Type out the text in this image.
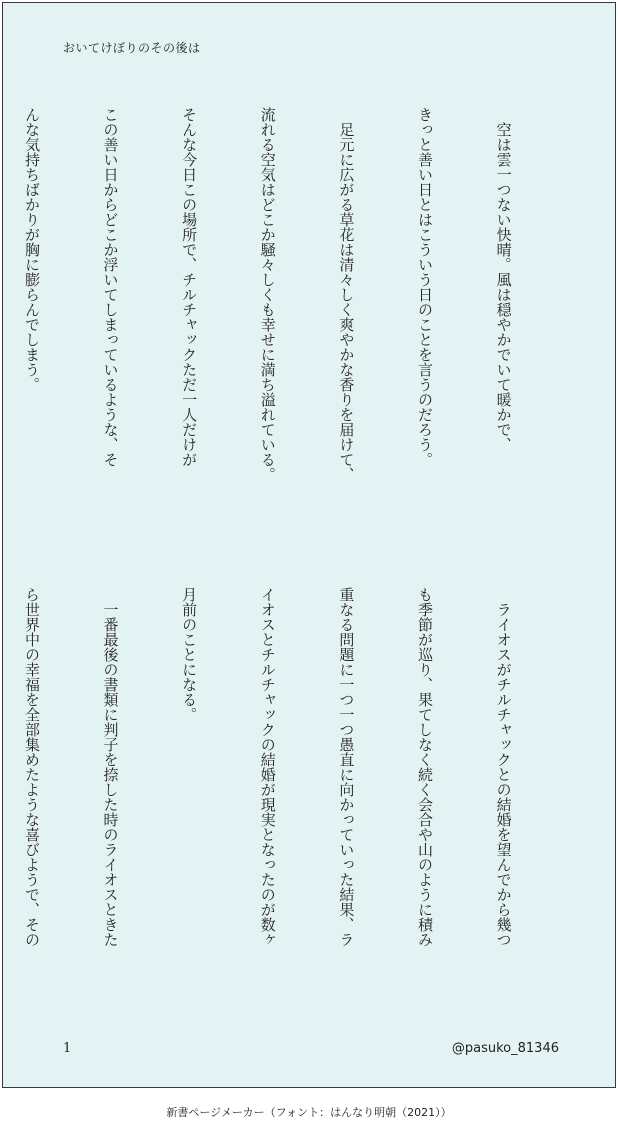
おいてけぼりのその後は

　空は雲一つない快晴。風は穏やかでいて暖かで、

きっと善い日とはこういう日のことを言うのだろう。

　足元に広がる草花は清々しく爽やかな香りを届けて、

流れる空気はどこか騒々しくも幸せに満ち溢れている。

そんな今日この場所で、チルチャックただ一人だけが

この善い日からどこか浮いてしまっているような、そ

んな気持ちばかりが胸に膨らんでしまう。

　ライオスがチルチャックとの結婚を望んでから幾つ

も季節が巡り、果てしなく続く会合や山のように積み

重なる問題に一つ一つ愚直に向かっていった結果、ラ

イオスとチルチャックの結婚が現実となったのが数ヶ

月前のことになる。

　一番最後の書類に判子を捺した時のライオスときた

ら世界中の幸福を全部集めたような喜びようで、その

1	@pasuko_81346
新書ページメーカー（フォント：はんなり明朝（2021））
